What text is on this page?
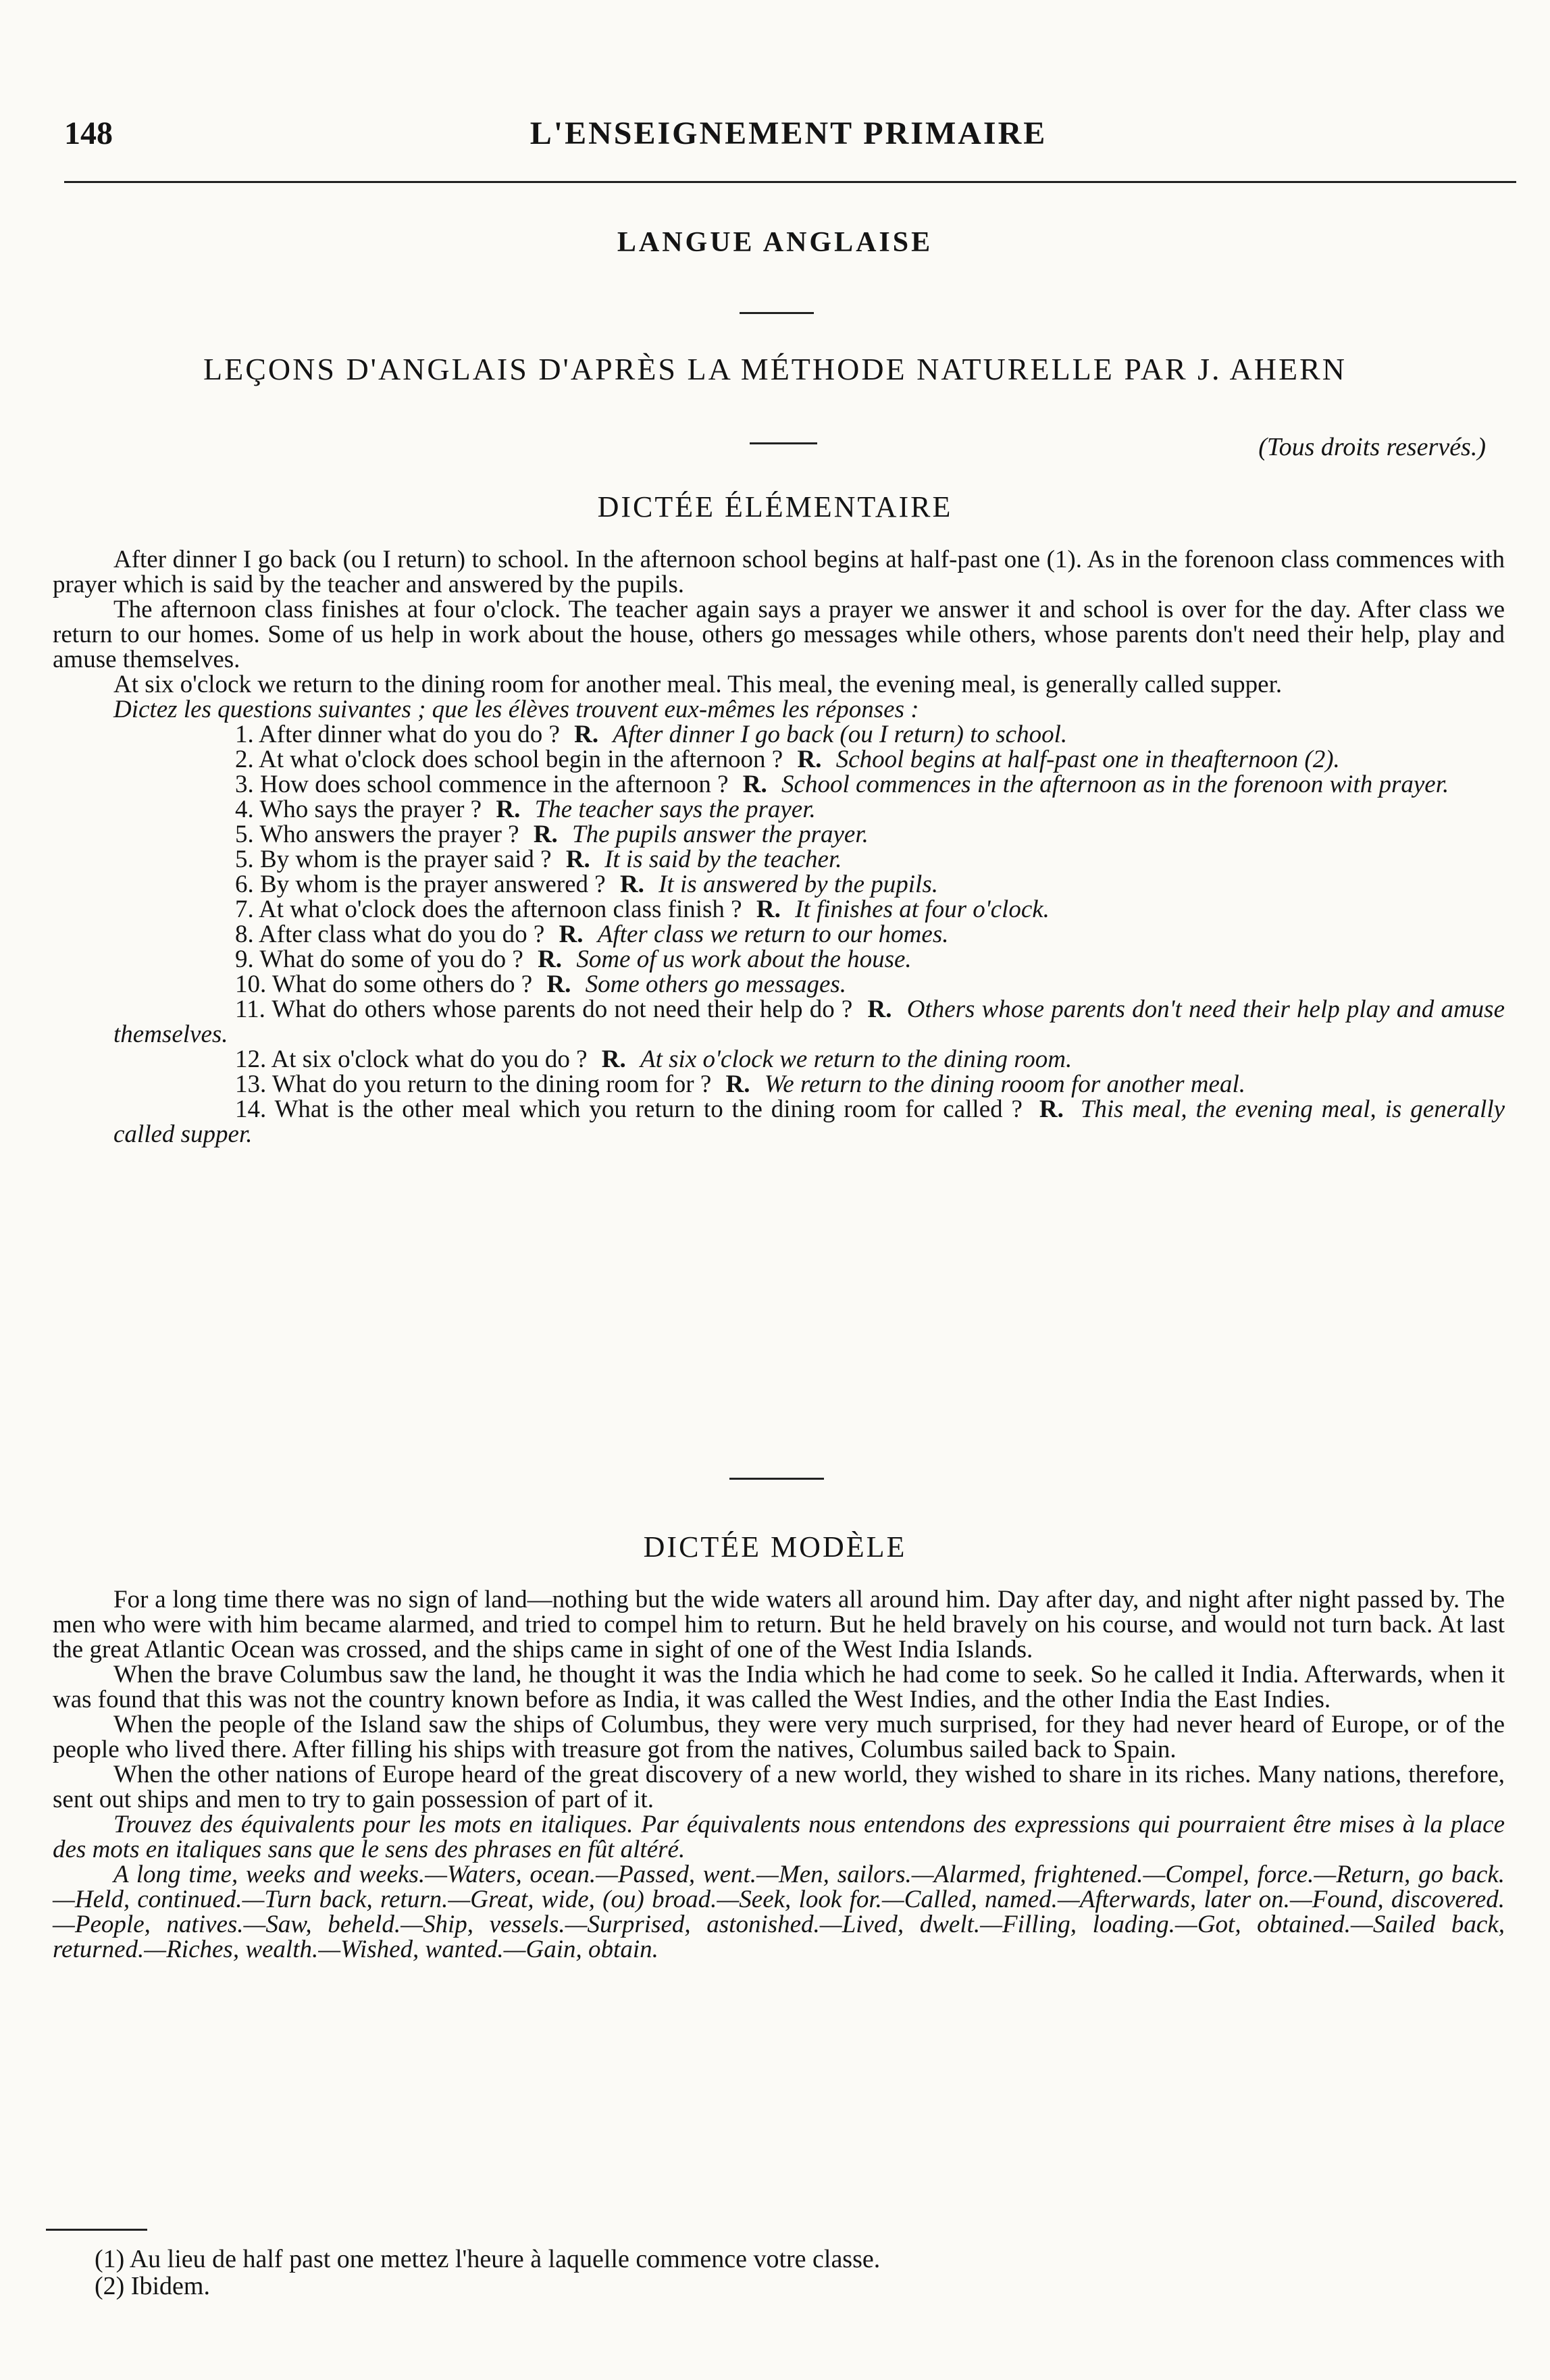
148	L'ENSEIGNEMENT PRIMAIRE
LANGUE ANGLAISE
LEÇONS D'ANGLAIS D'APRÈS LA MÉTHODE NATURELLE PAR J. AHERN
(Tous droits reservés.)
DICTÉE ÉLÉMENTAIRE

After dinner I go back (ou I return) to school. In the afternoon school begins at half-past one (1). As in the forenoon class commences with prayer which is said by the teacher and answered by the pupils.

The afternoon class finishes at four o'clock. The teacher again says a prayer we answer it and school is over for the day. After class we return to our homes. Some of us help in work about the house, others go messages while others, whose parents don't need their help, play and amuse themselves.

At six o'clock we return to the dining room for another meal. This meal, the evening meal, is generally called supper.

Dictez les questions suivantes ; que les élèves trouvent eux-mêmes les réponses :

1. After dinner what do you do ? R. After dinner I go back (ou I return) to school.

2. At what o'clock does school begin in the afternoon ? R. School begins at half-past one in theafternoon (2).

3. How does school commence in the afternoon ? R. School commences in the afternoon as in the forenoon with prayer.

4. Who says the prayer ? R. The teacher says the prayer.

5. Who answers the prayer ? R. The pupils answer the prayer.

5. By whom is the prayer said ? R. It is said by the teacher.

6. By whom is the prayer answered ? R. It is answered by the pupils.

7. At what o'clock does the afternoon class finish ? R. It finishes at four o'clock.

8. After class what do you do ? R. After class we return to our homes.

9. What do some of you do ? R. Some of us work about the house.

10. What do some others do ? R. Some others go messages.

11. What do others whose parents do not need their help do ? R. Others whose parents don't need their help play and amuse themselves.

12. At six o'clock what do you do ? R. At six o'clock we return to the dining room.

13. What do you return to the dining room for ? R. We return to the dining rooom for another meal.

14. What is the other meal which you return to the dining room for called ? R. This meal, the evening meal, is generally called supper.

DICTÉE MODÈLE

For a long time there was no sign of land—nothing but the wide waters all around him. Day after day, and night after night passed by. The men who were with him became alarmed, and tried to compel him to return. But he held bravely on his course, and would not turn back. At last the great Atlantic Ocean was crossed, and the ships came in sight of one of the West India Islands.

When the brave Columbus saw the land, he thought it was the India which he had come to seek. So he called it India. Afterwards, when it was found that this was not the country known before as India, it was called the West Indies, and the other India the East Indies.

When the people of the Island saw the ships of Columbus, they were very much surprised, for they had never heard of Europe, or of the people who lived there. After filling his ships with treasure got from the natives, Columbus sailed back to Spain.

When the other nations of Europe heard of the great discovery of a new world, they wished to share in its riches. Many nations, therefore, sent out ships and men to try to gain possession of part of it.

Trouvez des équivalents pour les mots en italiques. Par équivalents nous entendons des expressions qui pourraient être mises à la place des mots en italiques sans que le sens des phrases en fût altéré.

A long time, weeks and weeks.—Waters, ocean.—Passed, went.—Men, sailors.—Alarmed, frightened.—Compel, force.—Return, go back.—Held, continued.—Turn back, return.—Great, wide, (ou) broad.—Seek, look for.—Called, named.—Afterwards, later on.—Found, discovered.—People, natives.—Saw, beheld.—Ship, vessels.—Surprised, astonished.—Lived, dwelt.—Filling, loading.—Got, obtained.—Sailed back, returned.—Riches, wealth.—Wished, wanted.—Gain, obtain.

(1) Au lieu de half past one mettez l'heure à laquelle commence votre classe.
(2) Ibidem.
